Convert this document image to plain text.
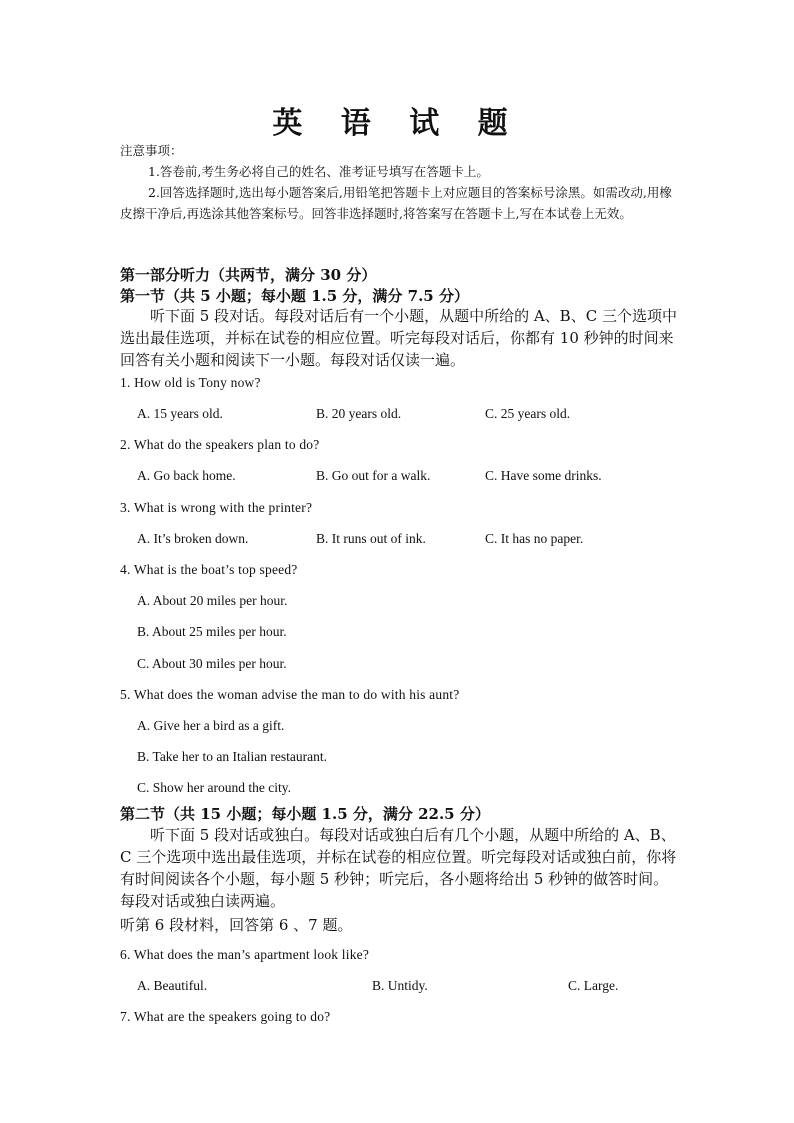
英 语 试 题
注意事项：
1.答卷前,考生务必将自己的姓名、准考证号填写在答题卡上。
2.回答选择题时,选出每小题答案后,用铅笔把答题卡上对应题目的答案标号涂黑。如需改动,用橡皮擦干净后,再选涂其他答案标号。回答非选择题时,将答案写在答题卡上,写在本试卷上无效。
第一部分听力（共两节，满分 30 分）
第一节（共 5 小题；每小题 1.5 分，满分 7.5 分）
听下面 5 段对话。每段对话后有一个小题，从题中所给的 A、B、C 三个选项中选出最佳选项，并标在试卷的相应位置。听完每段对话后，你都有 10 秒钟的时间来回答有关小题和阅读下一小题。每段对话仅读一遍。
1. How old is Tony now?
A. 15 years old.	B. 20 years old.	C. 25 years old.
2. What do the speakers plan to do?
A. Go back home.	B. Go out for a walk.	C. Have some drinks.
3. What is wrong with the printer?
A. It’s broken down.	B. It runs out of ink.	C. It has no paper.
4. What is the boat’s top speed?
A. About 20 miles per hour.
B. About 25 miles per hour.
C. About 30 miles per hour.
5. What does the woman advise the man to do with his aunt?
A. Give her a bird as a gift.
B. Take her to an Italian restaurant.
C. Show her around the city.
第二节（共 15 小题；每小题 1.5 分，满分 22.5 分）
听下面 5 段对话或独白。每段对话或独白后有几个小题，从题中所给的 A、B、C 三个选项中选出最佳选项，并标在试卷的相应位置。听完每段对话或独白前，你将有时间阅读各个小题，每小题 5 秒钟；听完后，各小题将给出 5 秒钟的做答时间。每段对话或独白读两遍。
听第 6 段材料，回答第 6 、7 题。
6. What does the man’s apartment look like?
A. Beautiful.	B. Untidy.	C. Large.
7. What are the speakers going to do?
